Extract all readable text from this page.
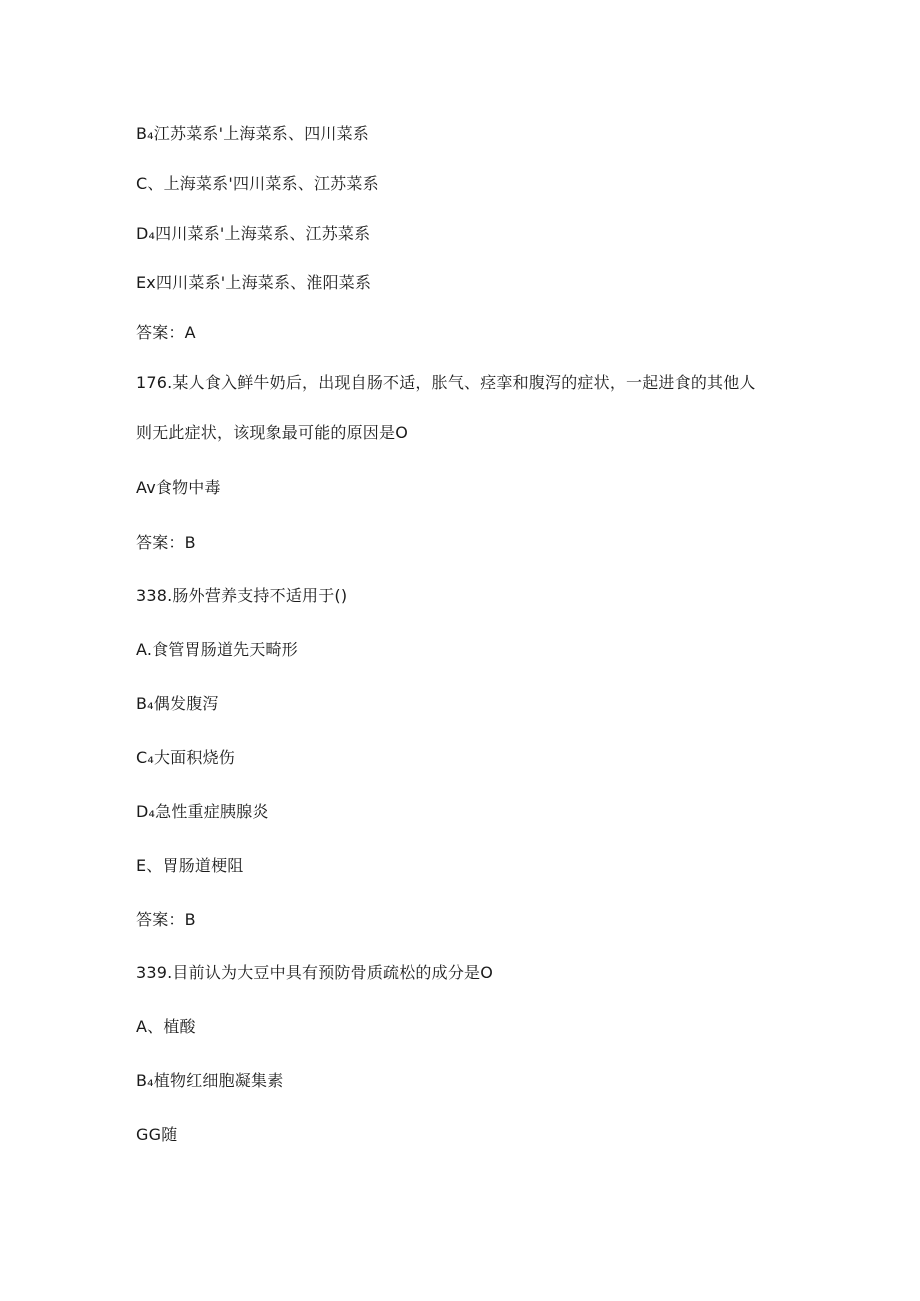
B₄江苏菜系'上海菜系、四川菜系
C、上海菜系'四川菜系、江苏菜系
D₄四川菜系'上海菜系、江苏菜系
Ex四川菜系'上海菜系、淮阳菜系
答案：A
176.某人食入鲜牛奶后，出现自肠不适，胀气、痉挛和腹泻的症状，一起进食的其他人
则无此症状，该现象最可能的原因是O
Av食物中毒
答案：B
338.肠外营养支持不适用于()
A.食管胃肠道先天畸形
B₄偶发腹泻
C₄大面积烧伤
D₄急性重症胰腺炎
E、胃肠道梗阻
答案：B
339.目前认为大豆中具有预防骨质疏松的成分是O
A、植酸
B₄植物红细胞凝集素
GG随
